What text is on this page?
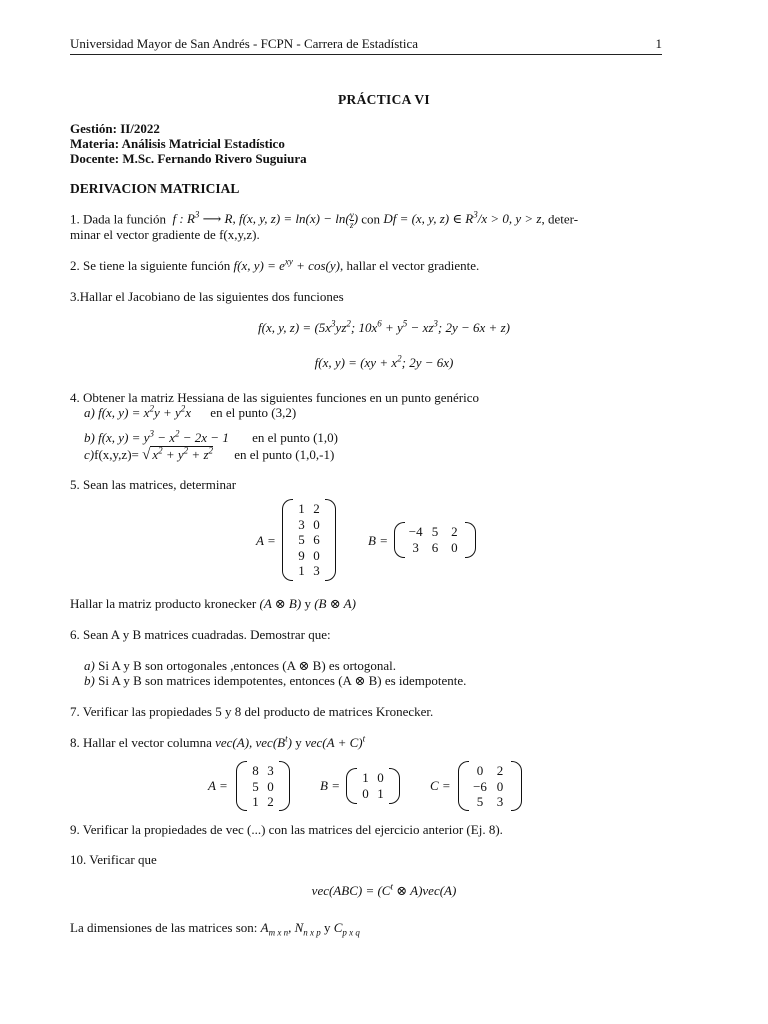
Universidad Mayor de San Andrés - FCPN - Carrera de Estadística	1
PRÁCTICA VI
Gestión: II/2022
Materia: Análisis Matricial Estadístico
Docente: M.Sc. Fernando Rivero Suguiura
DERIVACION MATRICIAL
1. Dada la función  f : $R^3$ ⟶ R, f(x, y, $z) = \ln(x) - \ln( \frac{y}{z}$ ) con Df = (x, y, z) ∈ $R^3/x > 0$, y > z, deter-
minar el vector gradiente de f(x,y,z).
2. Se tiene la siguiente función f(x, $y) = e^{xy} + \cos(y)$, hallar el vector gradiente.
3.Hallar el Jacobiano de las siguientes dos funciones
f(x, y, $z) = (5x^3yz^2$; $10x^6 + y^5 - xz^3$; 2y − 6x + z)
f(x, $y) = (xy + x^2$; 2y − 6x)
4. Obtener la matriz Hessiana de las siguientes funciones en un punto genérico
a) f(x, $y) = x^2y + y^2x$ en el punto (3,2)
b) f(x, $y) = y^3 - x^2 - 2x - 1$ en el punto (1,0)
c)f(x,y,z)= √ $x^2 + y^2 + z^2$ en el punto (1,0,-1)
5. Sean las matrices, determinar
A =
1 2
3 0
5 6
9 0
1 3
B =
−4 5 2
3 6 0
Hallar la matriz producto kronecker (A ⊗ B) y (B ⊗ A)
6. Sean A y B matrices cuadradas. Demostrar que:
a) Si A y B son ortogonales ,entonces (A ⊗ B) es ortogonal.
b) Si A y B son matrices idempotentes, entonces (A ⊗ B) es idempotente.
7. Verificar las propiedades 5 y 8 del producto de matrices Kronecker.
8. Hallar el vector columna vec(A), $vec(B^t)$ y $vec(A + C)^t$
A =
8 3
5 0
1 2
B =
1 0
0 1	C =
0	2
−6 0
5	3
9. Verificar la propiedades de vec (...) con las matrices del ejercicio anterior (Ej. 8).
10. Verificar que
$vec(ABC) = (C^t$ ⊗ A)vec(A)
La dimensiones de las matrices son: $A_{m x n}$, $N_{n x p}$ y $C_{p x q}$
